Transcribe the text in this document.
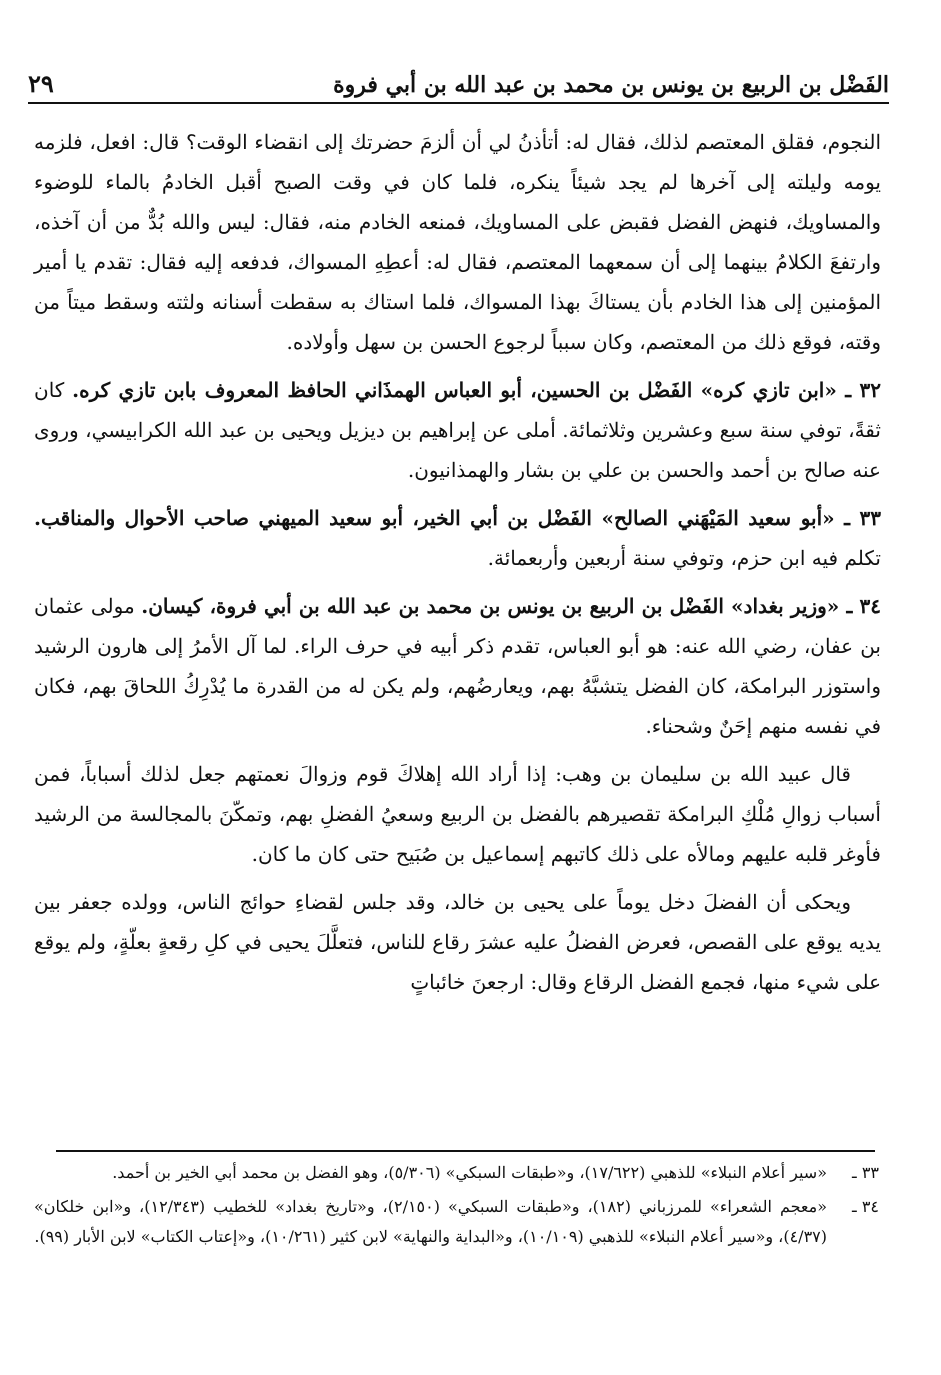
الفَضْل بن الربيع بن يونس بن محمد بن عبد الله بن أبي فروة
٢٩

النجوم، فقلق المعتصم لذلك، فقال له: أتأذنُ لي أن ألزمَ حضرتك إلى انقضاء الوقت؟ قال: افعل، فلزمه يومه وليلته إلى آخرها لم يجد شيئاً ينكره، فلما كان في وقت الصبح أقبل الخادمُ بالماء للوضوء والمساويك، فنهض الفضل فقبض على المساويك، فمنعه الخادم منه، فقال: ليس والله بُدٌّ من أن آخذه، وارتفعَ الكلامُ بينهما إلى أن سمعهما المعتصم، فقال له: أعطِهِ المسواك، فدفعه إليه فقال: تقدم يا أمير المؤمنين إلى هذا الخادم بأن يستاكَ بهذا المسواك، فلما استاك به سقطت أسنانه ولثته وسقط ميتاً من وقته، فوقع ذلك من المعتصم، وكان سبباً لرجوع الحسن بن سهل وأولاده.

٣٢ ـ «ابن تازي كره» الفَضْل بن الحسين، أبو العباس الهمذَاني الحافظ المعروف بابن تازي كره. كان ثقةً، توفي سنة سبع وعشرين وثلاثمائة. أملى عن إبراهيم بن ديزيل ويحيى بن عبد الله الكرابيسي، وروى عنه صالح بن أحمد والحسن بن علي بن بشار والهمذانيون.

٣٣ ـ «أبو سعيد المَيْهَني الصالح» الفَضْل بن أبي الخير، أبو سعيد الميهني صاحب الأحوال والمناقب. تكلم فيه ابن حزم، وتوفي سنة أربعين وأربعمائة.

٣٤ ـ «وزير بغداد» الفَضْل بن الربيع بن يونس بن محمد بن عبد الله بن أبي فروة، كيسان. مولى عثمان بن عفان، رضي الله عنه: هو أبو العباس، تقدم ذكر أبيه في حرف الراء. لما آل الأمرُ إلى هارون الرشيد واستوزر البرامكة، كان الفضل يتشبَّهُ بهم، ويعارضُهم، ولم يكن له من القدرة ما يُدْرِكُ اللحاقَ بهم، فكان في نفسه منهم إحَنٌ وشحناء.

قال عبيد الله بن سليمان بن وهب: إذا أراد الله إهلاكَ قوم وزوالَ نعمتهم جعل لذلك أسباباً، فمن أسباب زوالِ مُلْكِ البرامكة تقصيرهم بالفضل بن الربيع وسعيُ الفضلِ بهم، وتمكّنَ بالمجالسة من الرشيد فأوغر قلبه عليهم ومالأه على ذلك كاتبهم إسماعيل بن صُبَيح حتى كان ما كان.

ويحكى أن الفضلَ دخل يوماً على يحيى بن خالد، وقد جلس لقضاءِ حوائج الناس، وولده جعفر بين يديه يوقع على القصص، فعرض الفضلُ عليه عشرَ رقاع للناس، فتعلَّلَ يحيى في كلِ رقعةٍ بعلّةٍ، ولم يوقع على شيء منها، فجمع الفضل الرقاع وقال: ارجعنَ خائباتٍ

٣٣ ـ
«سير أعلام النبلاء» للذهبي (١٧/٦٢٢)، و«طبقات السبكي» (٥/٣٠٦)، وهو الفضل بن محمد أبي الخير بن أحمد.
٣٤ ـ
«معجم الشعراء» للمرزباني (١٨٢)، و«طبقات السبكي» (٢/١٥٠)، و«تاريخ بغداد» للخطيب (١٢/٣٤٣)، و«ابن خلكان» (٤/٣٧)، و«سير أعلام النبلاء» للذهبي (١٠/١٠٩)، و«البداية والنهاية» لابن كثير (١٠/٢٦١)، و«إعتاب الكتاب» لابن الأبار (٩٩).
